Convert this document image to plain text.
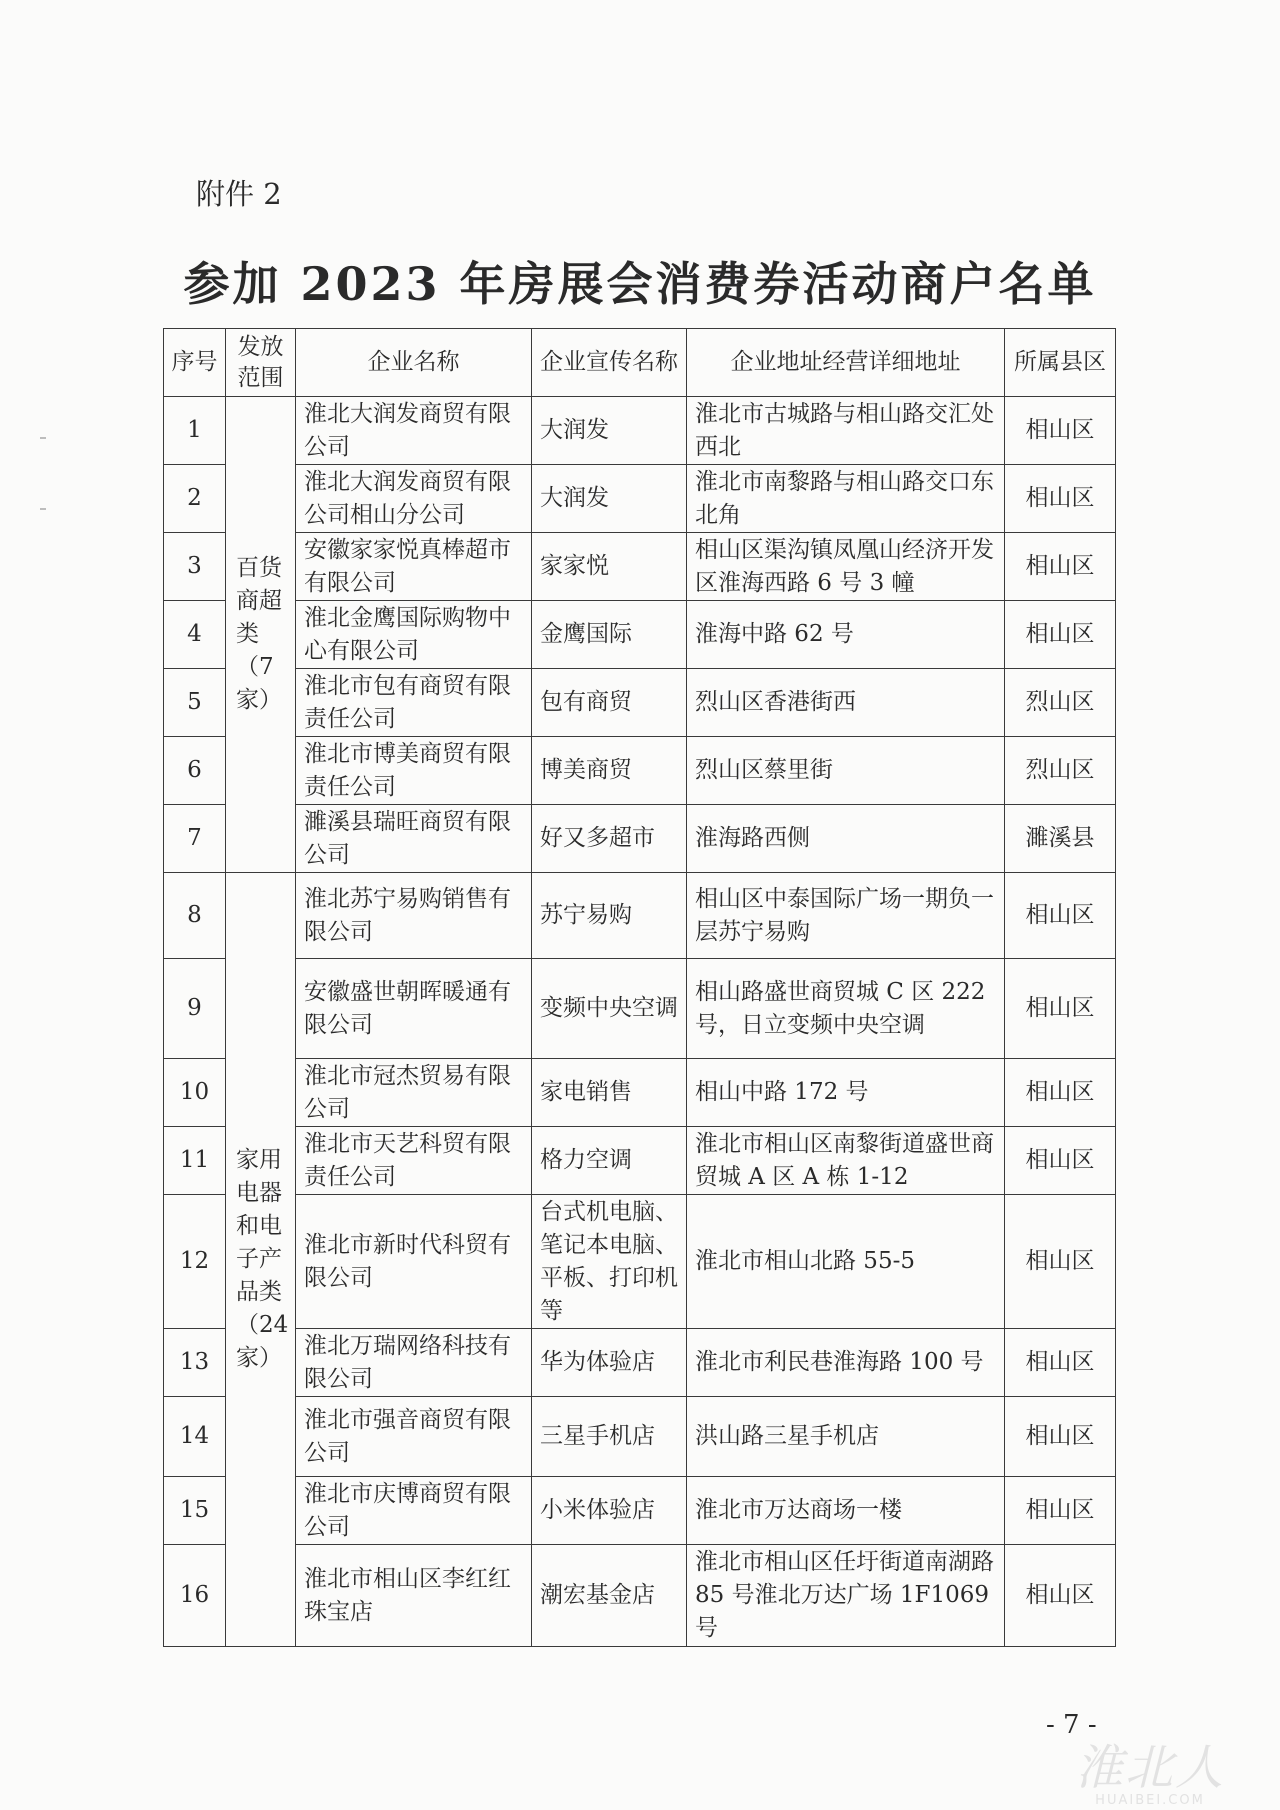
附件 2
参加 2023 年房展会消费券活动商户名单
序号	发放范围	企业名称	企业宣传名称	企业地址经营详细地址	所属县区
1	百货商超类（7家）	淮北大润发商贸有限公司	大润发	淮北市古城路与相山路交汇处西北	相山区
2		淮北大润发商贸有限公司相山分公司	大润发	淮北市南黎路与相山路交口东北角	相山区
3		安徽家家悦真棒超市有限公司	家家悦	相山区渠沟镇凤凰山经济开发区淮海西路 6 号 3 幢	相山区
4		淮北金鹰国际购物中心有限公司	金鹰国际	淮海中路 62 号	相山区
5		淮北市包有商贸有限责任公司	包有商贸	烈山区香港街西	烈山区
6		淮北市博美商贸有限责任公司	博美商贸	烈山区蔡里街	烈山区
7		濉溪县瑞旺商贸有限公司	好又多超市	淮海路西侧	濉溪县
8	家用电器和电子产品类（24家）	淮北苏宁易购销售有限公司	苏宁易购	相山区中泰国际广场一期负一层苏宁易购	相山区
9		安徽盛世朝晖暖通有限公司	变频中央空调	相山路盛世商贸城 C 区 222 号，日立变频中央空调	相山区
10		淮北市冠杰贸易有限公司	家电销售	相山中路 172 号	相山区
11		淮北市天艺科贸有限责任公司	格力空调	淮北市相山区南黎街道盛世商贸城 A 区 A 栋 1-12	相山区
12		淮北市新时代科贸有限公司	台式机电脑、笔记本电脑、平板、打印机等	淮北市相山北路 55-5	相山区
13		淮北万瑞网络科技有限公司	华为体验店	淮北市利民巷淮海路 100 号	相山区
14		淮北市强音商贸有限公司	三星手机店	洪山路三星手机店	相山区
15		淮北市庆博商贸有限公司	小米体验店	淮北市万达商场一楼	相山区
16		淮北市相山区李红红珠宝店	潮宏基金店	淮北市相山区任圩街道南湖路 85 号淮北万达广场 1F1069 号	相山区
- 7 -
淮北人
HUAIBEI.COM
